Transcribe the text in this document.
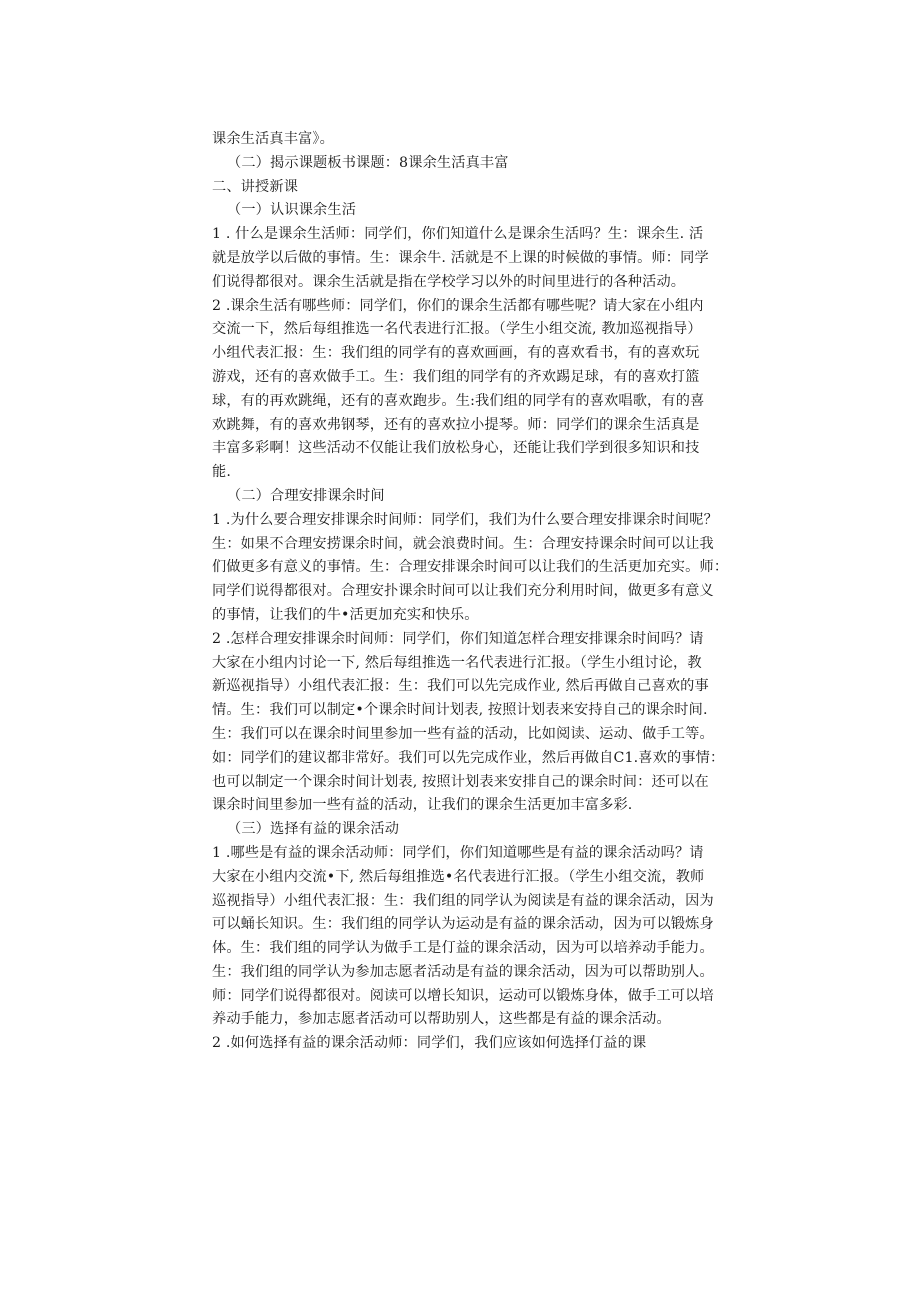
课余生活真丰富》。
（二）揭示课题板书课题：8课余生活真丰富
二、讲授新课
（一）认识课余生活
1 . 什么是课余生活师：同学们，你们知道什么是课余生活吗？生：课余生. 活
就是放学以后做的事情。生：课余牛. 活就是不上课的时候做的事情。师：同学
们说得都很对。课余生活就是指在学校学习以外的时间里进行的各种活动。
2 .课余生活有哪些师：同学们，你们的课余生活都有哪些呢？请大家在小组内
交流一下，然后每组推选一名代表进行汇报。（学生小组交流, 教加巡视指导）
小组代表汇报：生：我们组的同学有的喜欢画画，有的喜欢看书，有的喜欢玩
游戏，还有的喜欢做手工。生：我们组的同学有的齐欢踢足球，有的喜欢打篮
球，有的再欢跳绳，还有的喜欢跑步。生:我们组的同学有的喜欢唱歌，有的喜
欢跳舞，有的喜欢弗钢琴，还有的喜欢拉小提琴。师：同学们的课余生活真是
丰富多彩啊！这些活动不仅能让我们放松身心，还能让我们学到很多知识和技
能.
（二）合理安排课余时间
1 .为什么要合理安排课余时间师：同学们，我们为什么要合理安排课余时间呢？
生：如果不合理安捞课余时间，就会浪费时间。生：合理安持课余时间可以让我
们做更多有意义的事情。生：合理安排课余时间可以让我们的生活更加充实。师：
同学们说得都很对。合理安扑课余时间可以让我们充分利用时间，做更多有意义
的事情，让我们的牛•活更加充实和快乐。
2 .怎样合理安排课余时间师：同学们，你们知道怎样合理安排课余时间吗？请
大家在小组内讨论一下, 然后每组推选一名代表进行汇报。（学生小组讨论，教
新巡视指导）小组代表汇报：生：我们可以先完成作业, 然后再做自己喜欢的事
情。生：我们可以制定•个课余时间计划表, 按照计划表来安持自己的课余时间.
生：我们可以在课余时间里参加一些有益的活动，比如阅读、运动、做手工等。
如：同学们的建议都非常好。我们可以先完成作业，然后再做自C1.喜欢的事情：
也可以制定一个课余时间计划表, 按照计划表来安排自己的课余时间：还可以在
课余时间里参加一些有益的活动，让我们的课余生活更加丰富多彩.
（三）选择有益的课余活动
1 .哪些是有益的课余活动师：同学们，你们知道哪些是有益的课余活动吗？请
大家在小组内交流•下, 然后每组推选•名代表进行汇报。（学生小组交流，教师
巡视指导）小组代表汇报：生：我们组的同学认为阅读是有益的课余活动，因为
可以蛹长知识。生：我们组的同学认为运动是有益的课余活动，因为可以锻炼身
体。生：我们组的同学认为做手工是仃益的课余活动，因为可以培养动手能力。
生：我们组的同学认为参加志愿者活动是有益的课余活动，因为可以帮助别人。
师：同学们说得都很对。阅读可以增长知识，运动可以锻炼身体，做手工可以培
养动手能力，参加志愿者活动可以帮助别人，这些都是有益的课余活动。
2 .如何选择有益的课余活动师：同学们，我们应该如何选择仃益的课
